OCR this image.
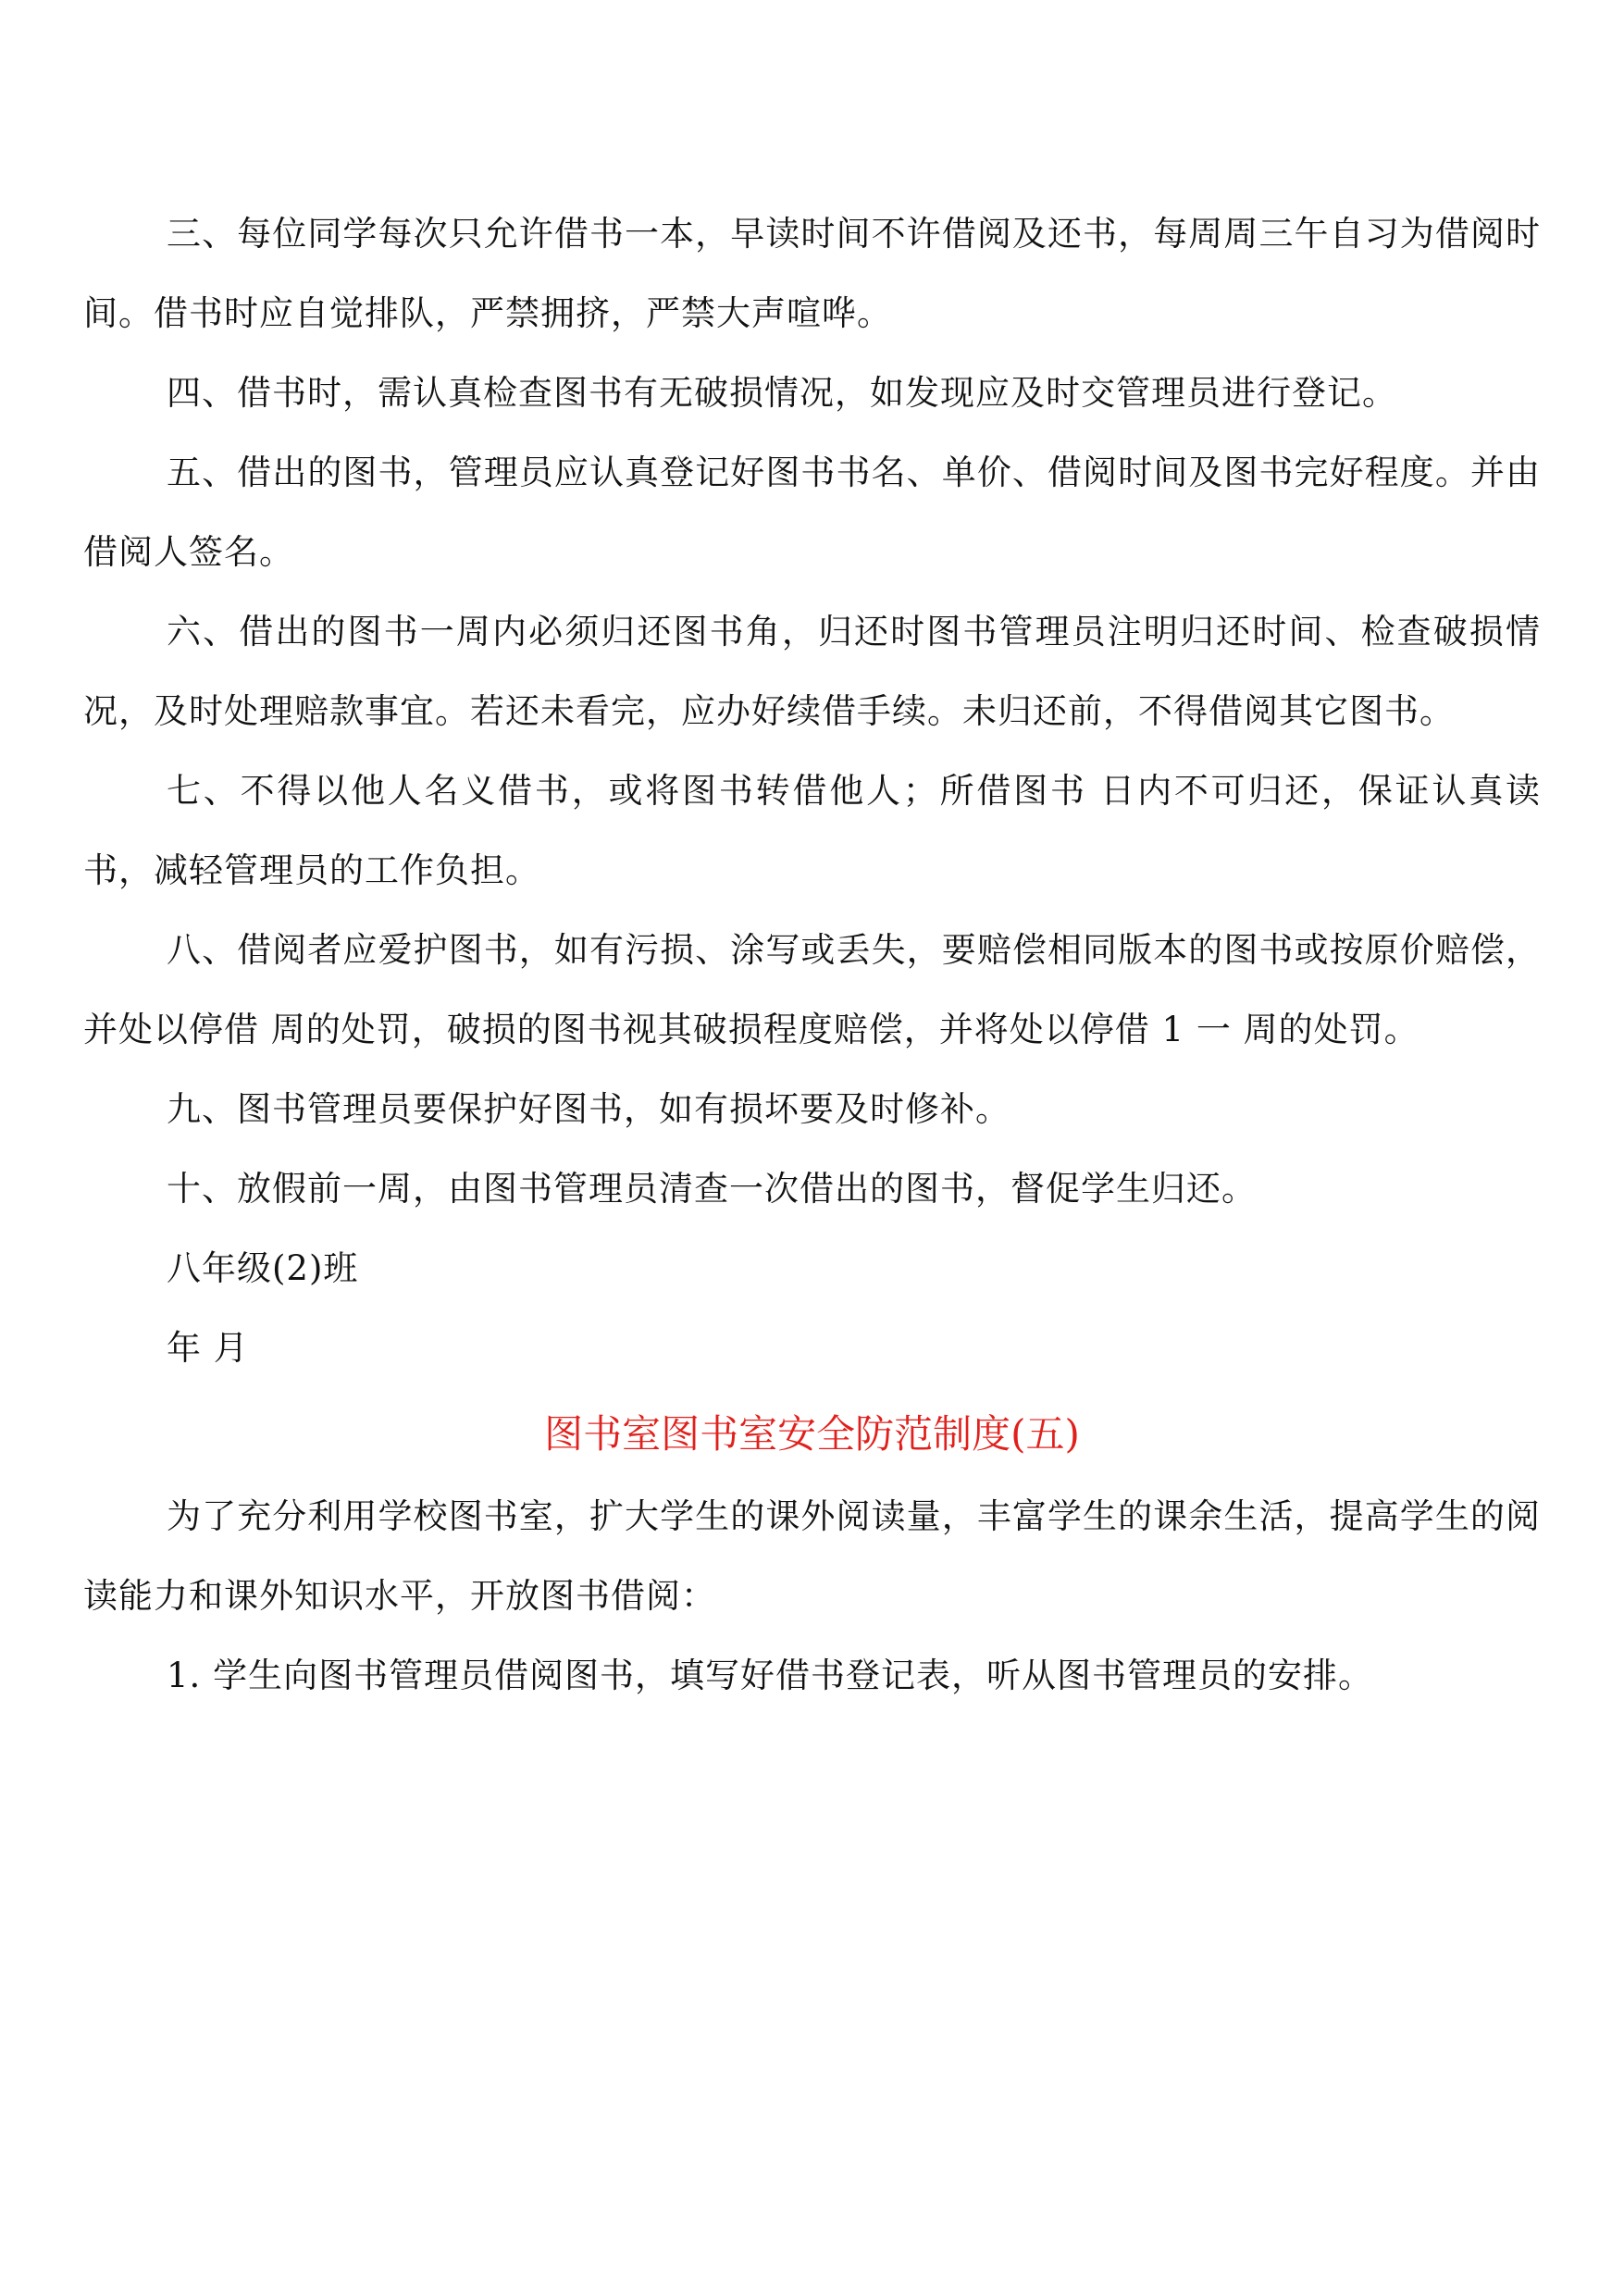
三、每位同学每次只允许借书一本，早读时间不许借阅及还书，每周周三午自习为借阅时间。借书时应自觉排队，严禁拥挤，严禁大声喧哗。

四、借书时，需认真检查图书有无破损情况，如发现应及时交管理员进行登记。

五、借出的图书，管理员应认真登记好图书书名、单价、借阅时间及图书完好程度。并由借阅人签名。

六、借出的图书一周内必须归还图书角，归还时图书管理员注明归还时间、检查破损情况，及时处理赔款事宜。若还未看完，应办好续借手续。未归还前，不得借阅其它图书。

七、不得以他人名义借书，或将图书转借他人；所借图书 日内不可归还，保证认真读书，减轻管理员的工作负担。

八、借阅者应爱护图书，如有污损、涂写或丢失，要赔偿相同版本的图书或按原价赔偿，并处以停借 周的处罚，破损的图书视其破损程度赔偿，并将处以停借 1 一 周的处罚。

九、图书管理员要保护好图书，如有损坏要及时修补。

十、放假前一周，由图书管理员清查一次借出的图书，督促学生归还。

八年级(2)班

年 月

图书室图书室安全防范制度(五)

为了充分利用学校图书室，扩大学生的课外阅读量，丰富学生的课余生活，提高学生的阅读能力和课外知识水平，开放图书借阅：

1. 学生向图书管理员借阅图书，填写好借书登记表，听从图书管理员的安排。
